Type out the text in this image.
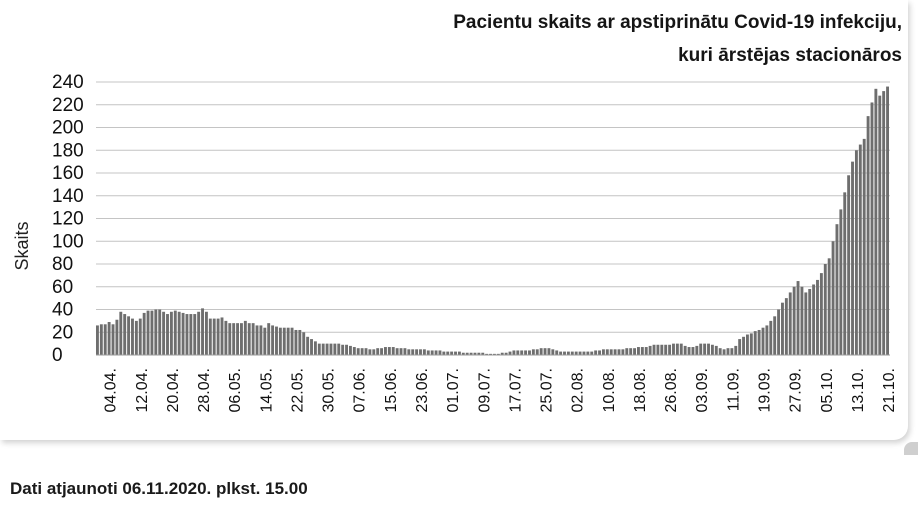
Pacientu skaits ar apstiprinātu Covid-19 infekciju,
kuri ārstējas stacionāros
0
20
40
60
80
100
120
140
160
180
200
220
240
04.04. 12.04. 20.04. 28.04. 06.05. 14.05. 22.05. 30.05. 07.06. 15.06. 23.06. 01.07. 09.07. 17.07. 25.07. 02.08. 10.08. 18.08. 26.08. 03.09. 11.09. 19.09. 27.09. 05.10. 13.10. 21.10.
Skaits
Dati atjaunoti 06.11.2020. plkst. 15.00
